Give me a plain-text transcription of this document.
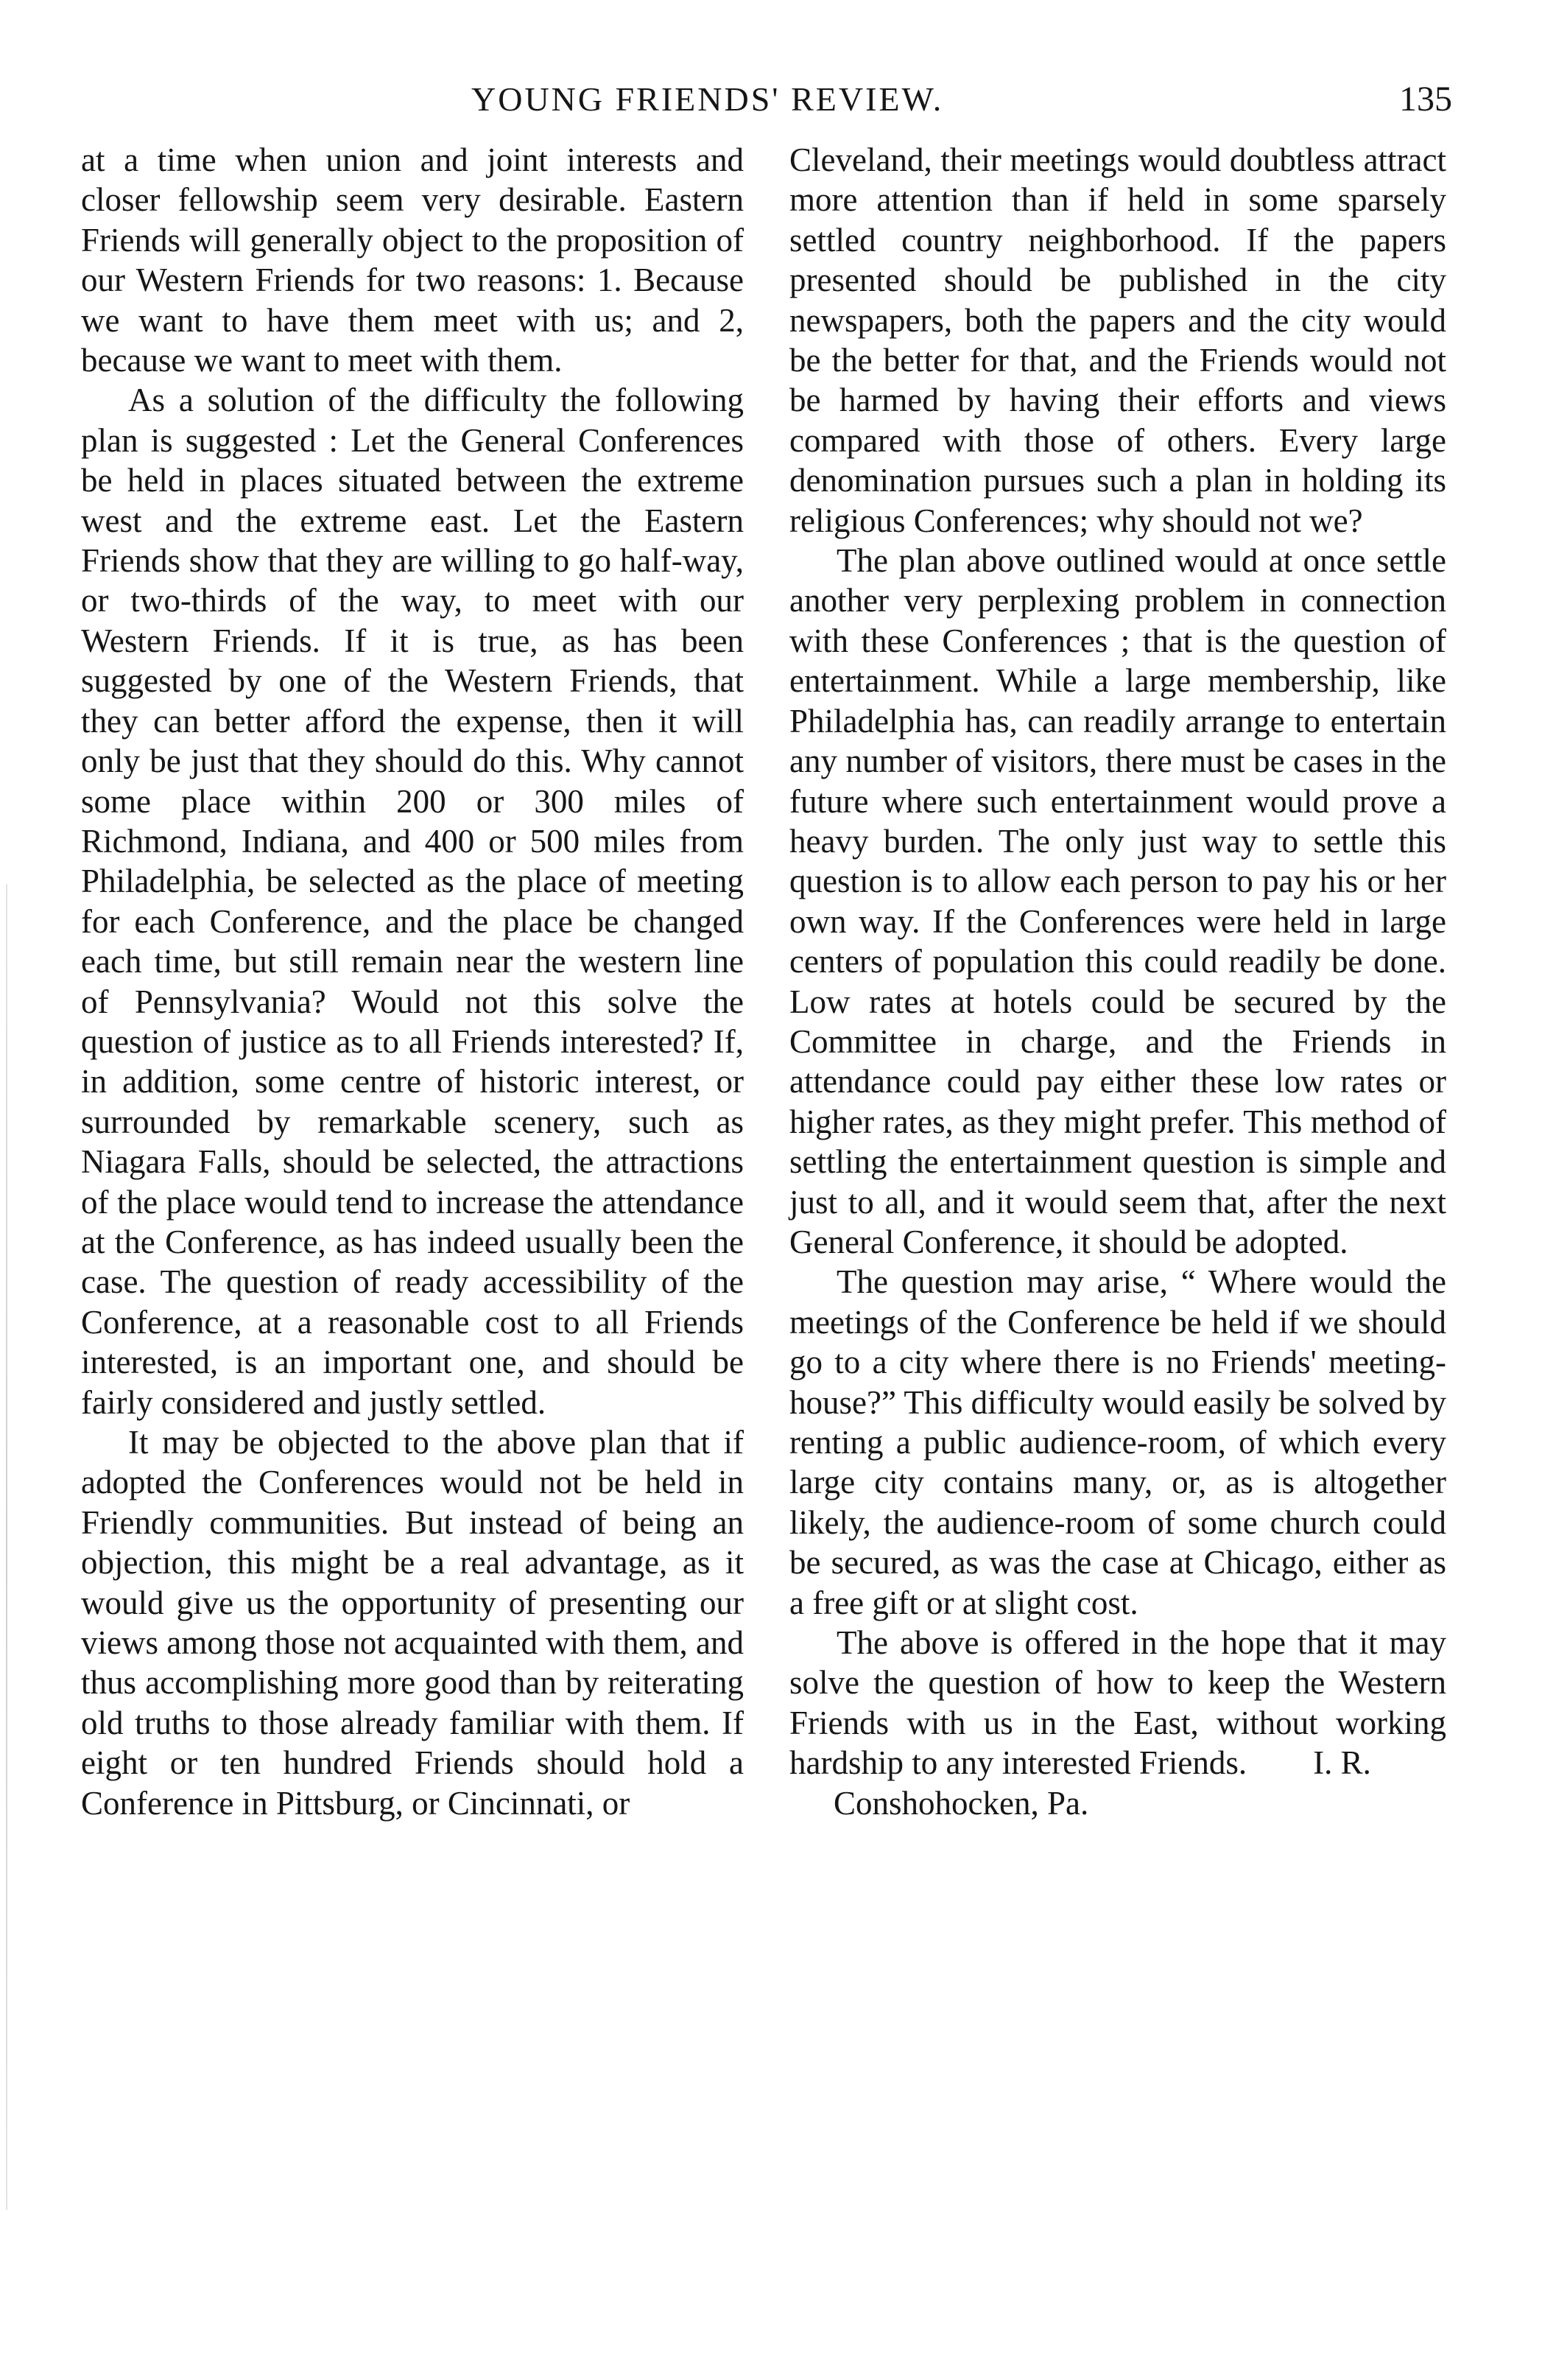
YOUNG FRIENDS' REVIEW.	135

at a time when union and joint interests and closer fellowship seem very desirable. Eastern Friends will generally object to the proposition of our Western Friends for two reasons: 1. Because we want to have them meet with us; and 2, because we want to meet with them.

As a solution of the difficulty the following plan is suggested : Let the General Conferences be held in places situated between the extreme west and the extreme east. Let the Eastern Friends show that they are willing to go half-way, or two-thirds of the way, to meet with our Western Friends. If it is true, as has been suggested by one of the Western Friends, that they can better afford the expense, then it will only be just that they should do this. Why cannot some place within 200 or 300 miles of Richmond, Indiana, and 400 or 500 miles from Philadelphia, be selected as the place of meeting for each Conference, and the place be changed each time, but still remain near the western line of Pennsylvania? Would not this solve the question of justice as to all Friends interested? If, in addition, some centre of historic interest, or surrounded by remarkable scenery, such as Niagara Falls, should be selected, the attractions of the place would tend to increase the attendance at the Conference, as has indeed usually been the case. The question of ready accessibility of the Conference, at a reasonable cost to all Friends interested, is an important one, and should be fairly considered and justly settled.

It may be objected to the above plan that if adopted the Conferences would not be held in Friendly communities. But instead of being an objection, this might be a real advantage, as it would give us the opportunity of presenting our views among those not acquainted with them, and thus accomplishing more good than by reiterating old truths to those already familiar with them. If eight or ten hundred Friends should hold a Conference in Pittsburg, or Cincinnati, or

Cleveland, their meetings would doubtless attract more attention than if held in some sparsely settled country neighborhood. If the papers presented should be published in the city newspapers, both the papers and the city would be the better for that, and the Friends would not be harmed by having their efforts and views compared with those of others. Every large denomination pursues such a plan in holding its religious Conferences; why should not we?

The plan above outlined would at once settle another very perplexing problem in connection with these Conferences ; that is the question of entertainment. While a large membership, like Philadelphia has, can readily arrange to entertain any number of visitors, there must be cases in the future where such entertainment would prove a heavy burden. The only just way to settle this question is to allow each person to pay his or her own way. If the Conferences were held in large centers of population this could readily be done. Low rates at hotels could be secured by the Committee in charge, and the Friends in attendance could pay either these low rates or higher rates, as they might prefer. This method of settling the entertainment question is simple and just to all, and it would seem that, after the next General Conference, it should be adopted.

The question may arise, “ Where would the meetings of the Conference be held if we should go to a city where there is no Friends' meeting-house?” This difficulty would easily be solved by renting a public audience-room, of which every large city contains many, or, as is altogether likely, the audience-room of some church could be secured, as was the case at Chicago, either as a free gift or at slight cost.

The above is offered in the hope that it may solve the question of how to keep the Western Friends with us in the East, without working hardship to any interested Friends.  I. R.

Conshohocken, Pa.
